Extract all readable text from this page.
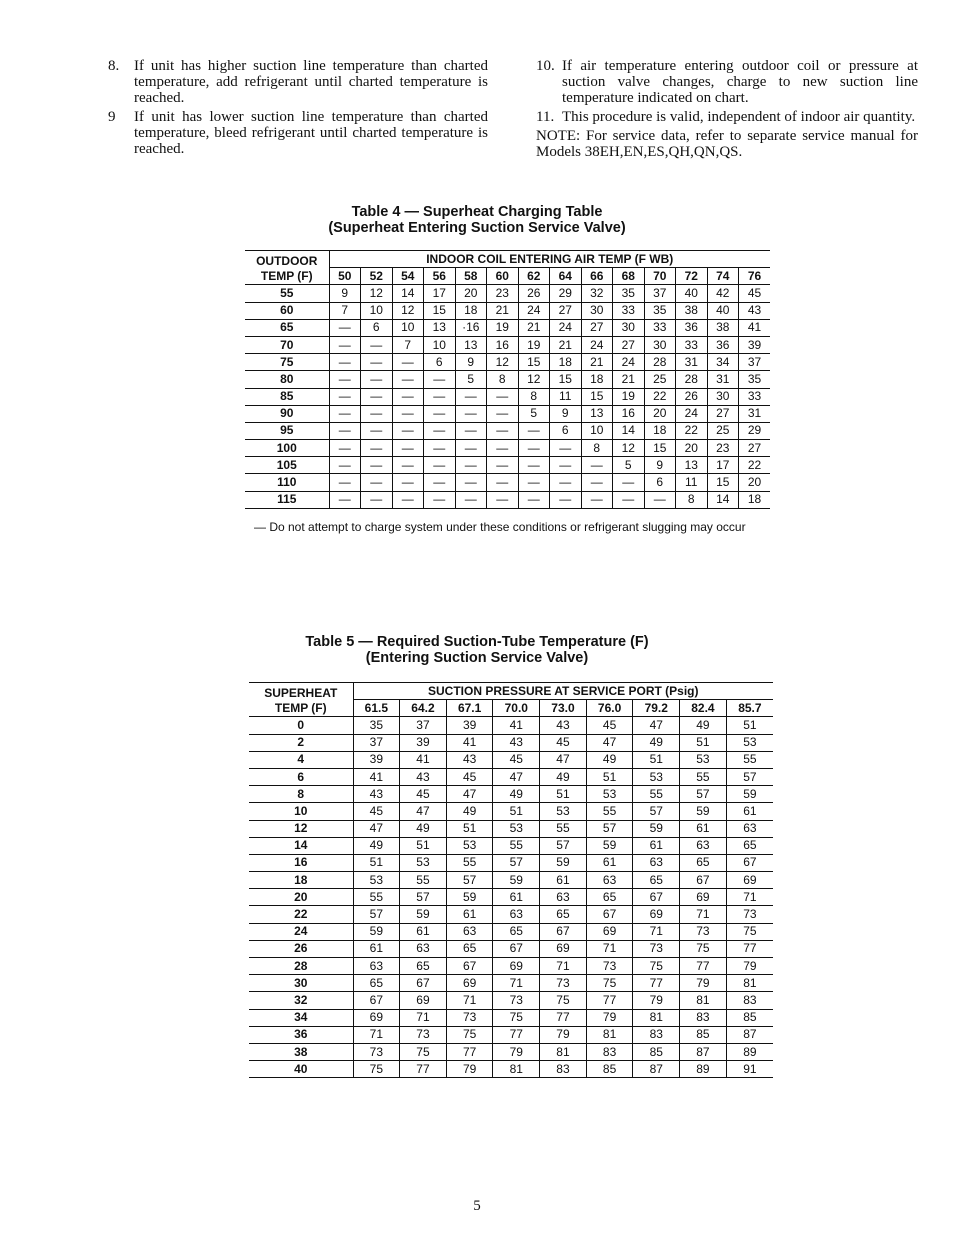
8. If unit has higher suction line temperature than charted temperature, add refrigerant until charted temperature is reached.
9	If unit has lower suction line temperature than charted temperature, bleed refrigerant until charted temperature is reached.
10. If air temperature entering outdoor coil or pressure at suction valve changes, charge to new suction line temperature indicated on chart.
11. This procedure is valid, independent of indoor air quantity.
NOTE: For service data, refer to separate service manual for Models 38EH,EN,ES,QH,QN,QS.
Table 4 — Superheat Charging Table
(Superheat Entering Suction Service Valve)
OUTDOOR
TEMP (F)	INDOOR COIL ENTERING AIR TEMP (F WB)													
	50	52	54	56	58	60	62	64	66	68	70	72	74	76
55	9	12	14	17	20	23	26	29	32	35	37	40	42	45
60	7	10	12	15	18	21	24	27	30	33	35	38	40	43
65	—	6	10	13	·16	19	21	24	27	30	33	36	38	41
70	—	—	7	10	13	16	19	21	24	27	30	33	36	39
75	—	—	—	6	9	12	15	18	21	24	28	31	34	37
80	—	—	—	—	5	8	12	15	18	21	25	28	31	35
85	—	—	—	—	—	—	8	11	15	19	22	26	30	33
90	—	—	—	—	—	—	5	9	13	16	20	24	27	31
95	—	—	—	—	—	—	—	6	10	14	18	22	25	29
100	—	—	—	—	—	—	—	—	8	12	15	20	23	27
105	—	—	—	—	—	—	—	—	—	5	9	13	17	22
110	—	—	—	—	—	—	—	—	—	—	6	11	15	20
115	—	—	—	—	—	—	—	—	—	—	—	8	14	18
— Do not attempt to charge system under these conditions or refrigerant slugging may occur
Table 5 — Required Suction-Tube Temperature (F)
(Entering Suction Service Valve)
SUPERHEAT
TEMP (F)	SUCTION PRESSURE AT SERVICE PORT (Psig)								
	61.5	64.2	67.1	70.0	73.0	76.0	79.2	82.4	85.7
0	35	37	39	41	43	45	47	49	51
2	37	39	41	43	45	47	49	51	53
4	39	41	43	45	47	49	51	53	55
6	41	43	45	47	49	51	53	55	57
8	43	45	47	49	51	53	55	57	59
10	45	47	49	51	53	55	57	59	61
12	47	49	51	53	55	57	59	61	63
14	49	51	53	55	57	59	61	63	65
16	51	53	55	57	59	61	63	65	67
18	53	55	57	59	61	63	65	67	69
20	55	57	59	61	63	65	67	69	71
22	57	59	61	63	65	67	69	71	73
24	59	61	63	65	67	69	71	73	75
26	61	63	65	67	69	71	73	75	77
28	63	65	67	69	71	73	75	77	79
30	65	67	69	71	73	75	77	79	81
32	67	69	71	73	75	77	79	81	83
34	69	71	73	75	77	79	81	83	85
36	71	73	75	77	79	81	83	85	87
38	73	75	77	79	81	83	85	87	89
40	75	77	79	81	83	85	87	89	91
5
